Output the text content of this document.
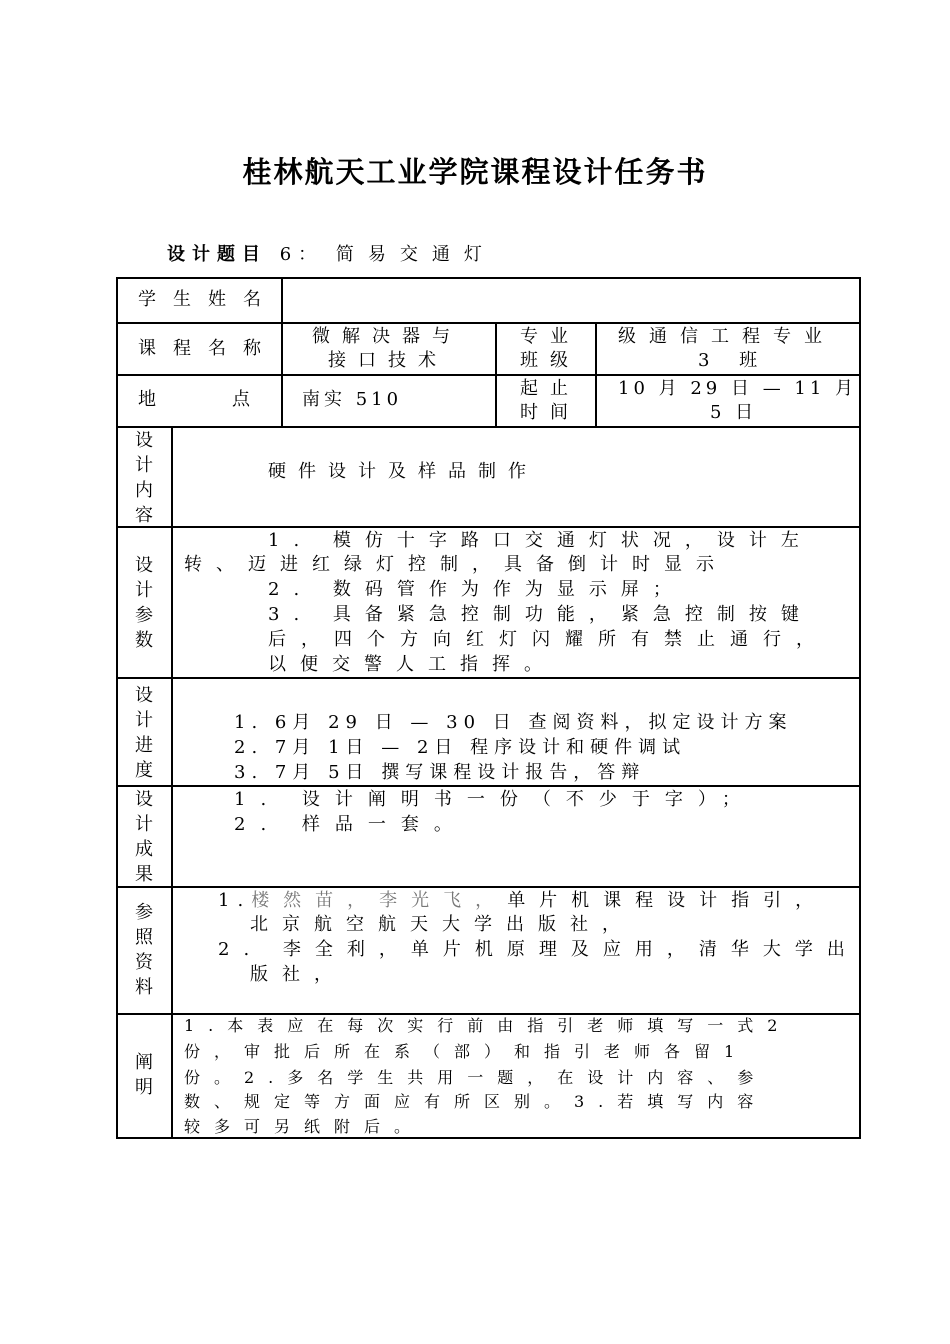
桂林航天工业学院课程设计任务书
设计题目 6： 简易交通灯
学生姓名
课程名称
微解决器与
接口技术
专业
班级
级通信工程专业
3 班
地点
南实 510
起止
时间
10 月 29 日 — 11 月
5 日
设
计
内
容
硬件设计及样品制作
设
计
参
数
1. 模仿十字路口交通灯状况，设计左
转、迈进红绿灯控制，具备倒计时显示
2. 数码管作为作为显示屏；
3. 具备紧急控制功能，紧急控制按键
后，四个方向红灯闪耀所有禁止通行，
以便交警人工指挥。
设
计
进
度
1. 6月 29 日 — 30 日 查阅资料，拟定设计方案
2. 7月 1日 — 2日 程序设计和硬件调试
3. 7月 5日 撰写课程设计报告，答辩
设
计
成
果
1. 设计阐明书一份（不少于字）；
2. 样品一套。
参
照
资
料
1.楼然苗，李光飞，单片机课程设计指引，
北京航空航天大学出版社，
2. 李全利，单片机原理及应用，清华大学出
版社，
阐
明
1.本表应在每次实行前由指引老师填写一式2
份，审批后所在系（部）和指引老师各留1
份。2.多名学生共用一题，在设计内容、参
数、规定等方面应有所区别。3.若填写内容
较多可另纸附后。
